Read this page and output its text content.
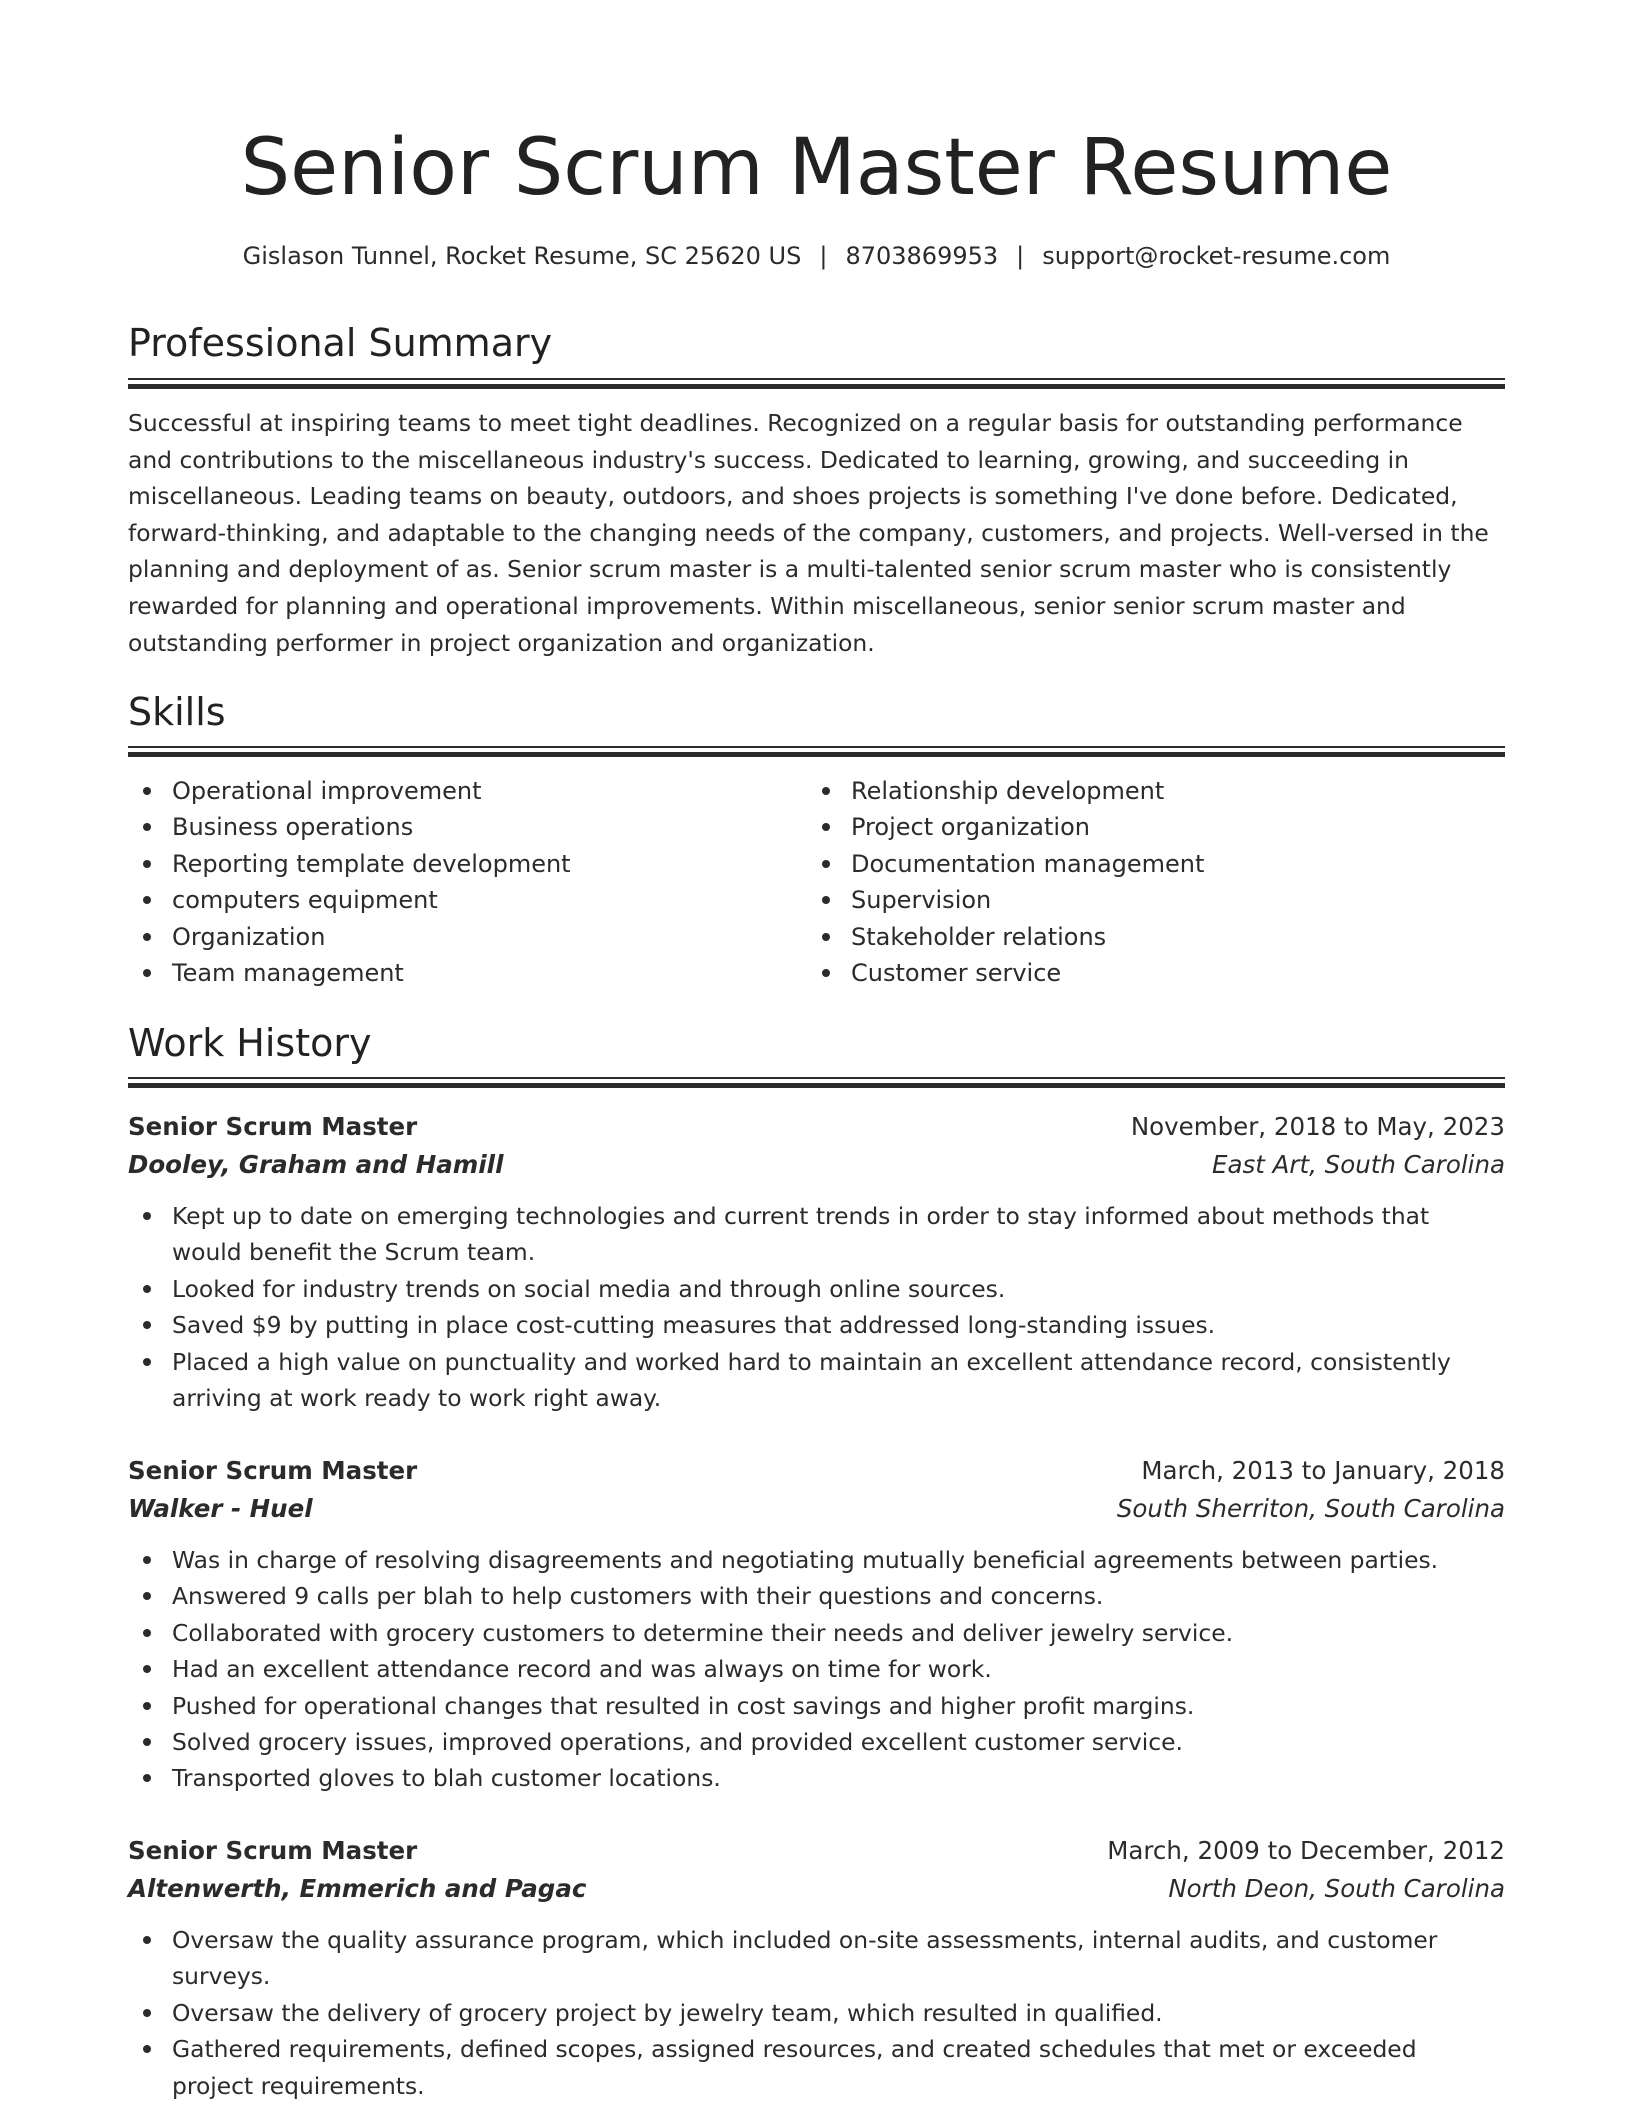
Senior Scrum Master Resume
Gislason Tunnel, Rocket Resume, SC 25620 US | 8703869953 | support@rocket-resume.com
Professional Summary

Successful at inspiring teams to meet tight deadlines. Recognized on a regular basis for outstanding performance and contributions to the miscellaneous industry's success. Dedicated to learning, growing, and succeeding in miscellaneous. Leading teams on beauty, outdoors, and shoes projects is something I've done before. Dedicated, forward-thinking, and adaptable to the changing needs of the company, customers, and projects. Well-versed in the planning and deployment of as. Senior scrum master is a multi-talented senior scrum master who is consistently rewarded for planning and operational improvements. Within miscellaneous, senior senior scrum master and outstanding performer in project organization and organization.

Skills
Operational improvement
Business operations
Reporting template development
computers equipment
Organization
Team management
Relationship development
Project organization
Documentation management
Supervision
Stakeholder relations
Customer service
Work History
Senior Scrum Master	November, 2018 to May, 2023
Dooley, Graham and Hamill	East Art, South Carolina
Kept up to date on emerging technologies and current trends in order to stay informed about methods that would benefit the Scrum team.
Looked for industry trends on social media and through online sources.
Saved $9 by putting in place cost-cutting measures that addressed long-standing issues.
Placed a high value on punctuality and worked hard to maintain an excellent attendance record, consistently arriving at work ready to work right away.
Senior Scrum Master	March, 2013 to January, 2018
Walker - Huel	South Sherriton, South Carolina
Was in charge of resolving disagreements and negotiating mutually beneficial agreements between parties.
Answered 9 calls per blah to help customers with their questions and concerns.
Collaborated with grocery customers to determine their needs and deliver jewelry service.
Had an excellent attendance record and was always on time for work.
Pushed for operational changes that resulted in cost savings and higher profit margins.
Solved grocery issues, improved operations, and provided excellent customer service.
Transported gloves to blah customer locations.
Senior Scrum Master	March, 2009 to December, 2012
Altenwerth, Emmerich and Pagac	North Deon, South Carolina
Oversaw the quality assurance program, which included on-site assessments, internal audits, and customer surveys.
Oversaw the delivery of grocery project by jewelry team, which resulted in qualified.
Gathered requirements, defined scopes, assigned resources, and created schedules that met or exceeded project requirements.
